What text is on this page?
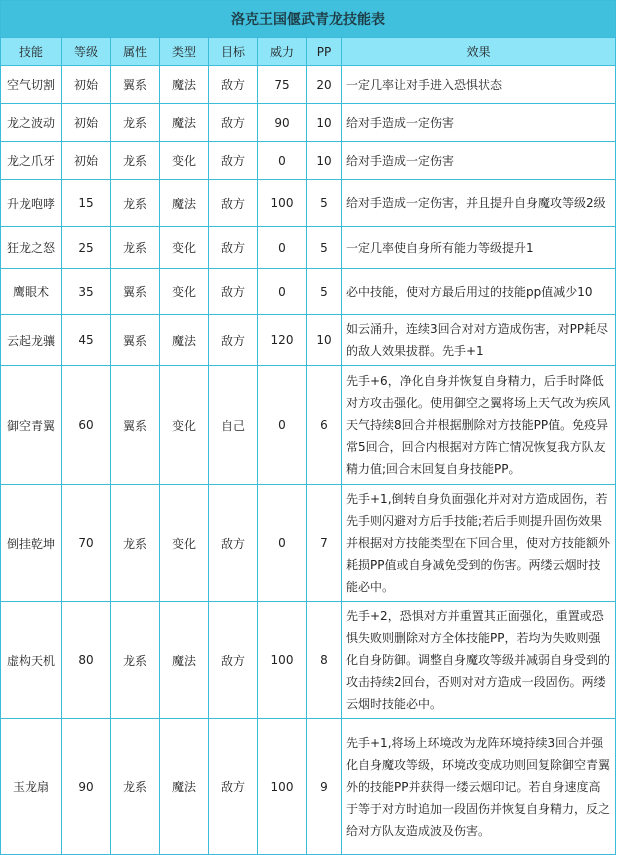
洛克王国偃武青龙技能表							
技能	等级	属性	类型	目标	威力	PP	效果
空气切割	初始	翼系	魔法	敌方	75	20	一定几率让对手进入恐惧状态
龙之波动	初始	龙系	魔法	敌方	90	10	给对手造成一定伤害
龙之爪牙	初始	龙系	变化	敌方	0	10	给对手造成一定伤害
升龙咆哮	15	龙系	魔法	敌方	100	5	给对手造成一定伤害，并且提升自身魔攻等级2级
狂龙之怒	25	龙系	变化	敌方	0	5	一定几率使自身所有能力等级提升1
鹰眼术	35	翼系	变化	敌方	0	5	必中技能，使对方最后用过的技能pp值减少10
云起龙骧	45	翼系	魔法	敌方	120	10	如云涌升，连续3回合对对方造成伤害，对PP耗尽的敌人效果拔群。先手+1
御空青翼	60	翼系	变化	自己	0	6	先手+6，净化自身并恢复自身精力，后手时降低对方攻击强化。使用御空之翼将场上天气改为疾风天气持续8回合并根据删除对方技能PP值。免疫异常5回合，回合内根据对方阵亡情况恢复我方队友精力值;回合末回复自身技能PP。
倒挂乾坤	70	龙系	变化	敌方	0	7	先手+1,倒转自身负面强化并对对方造成固伤，若先手则闪避对方后手技能;若后手则提升固伤效果并根据对方技能类型在下回合里，使对方技能额外耗损PP值或自身减免受到的伤害。两缕云烟时技能必中。
虚构天机	80	龙系	魔法	敌方	100	8	先手+2，恐惧对方并重置其正面强化，重置或恐惧失败则删除对方全体技能PP，若均为失败则强化自身防御。调整自身魔攻等级并减弱自身受到的攻击持续2回台，否则对对方造成一段固伤。两缕云烟时技能必中。
玉龙扇	90	龙系	魔法	敌方	100	9	先手+1,将场上环境改为龙阵环境持续3回合并强化自身魔攻等级，环境改变成功则回复除御空青翼外的技能PP并获得一缕云烟印记。若自身速度高于等于对方时追加一段固伤并恢复自身精力，反之给对方队友造成波及伤害。
